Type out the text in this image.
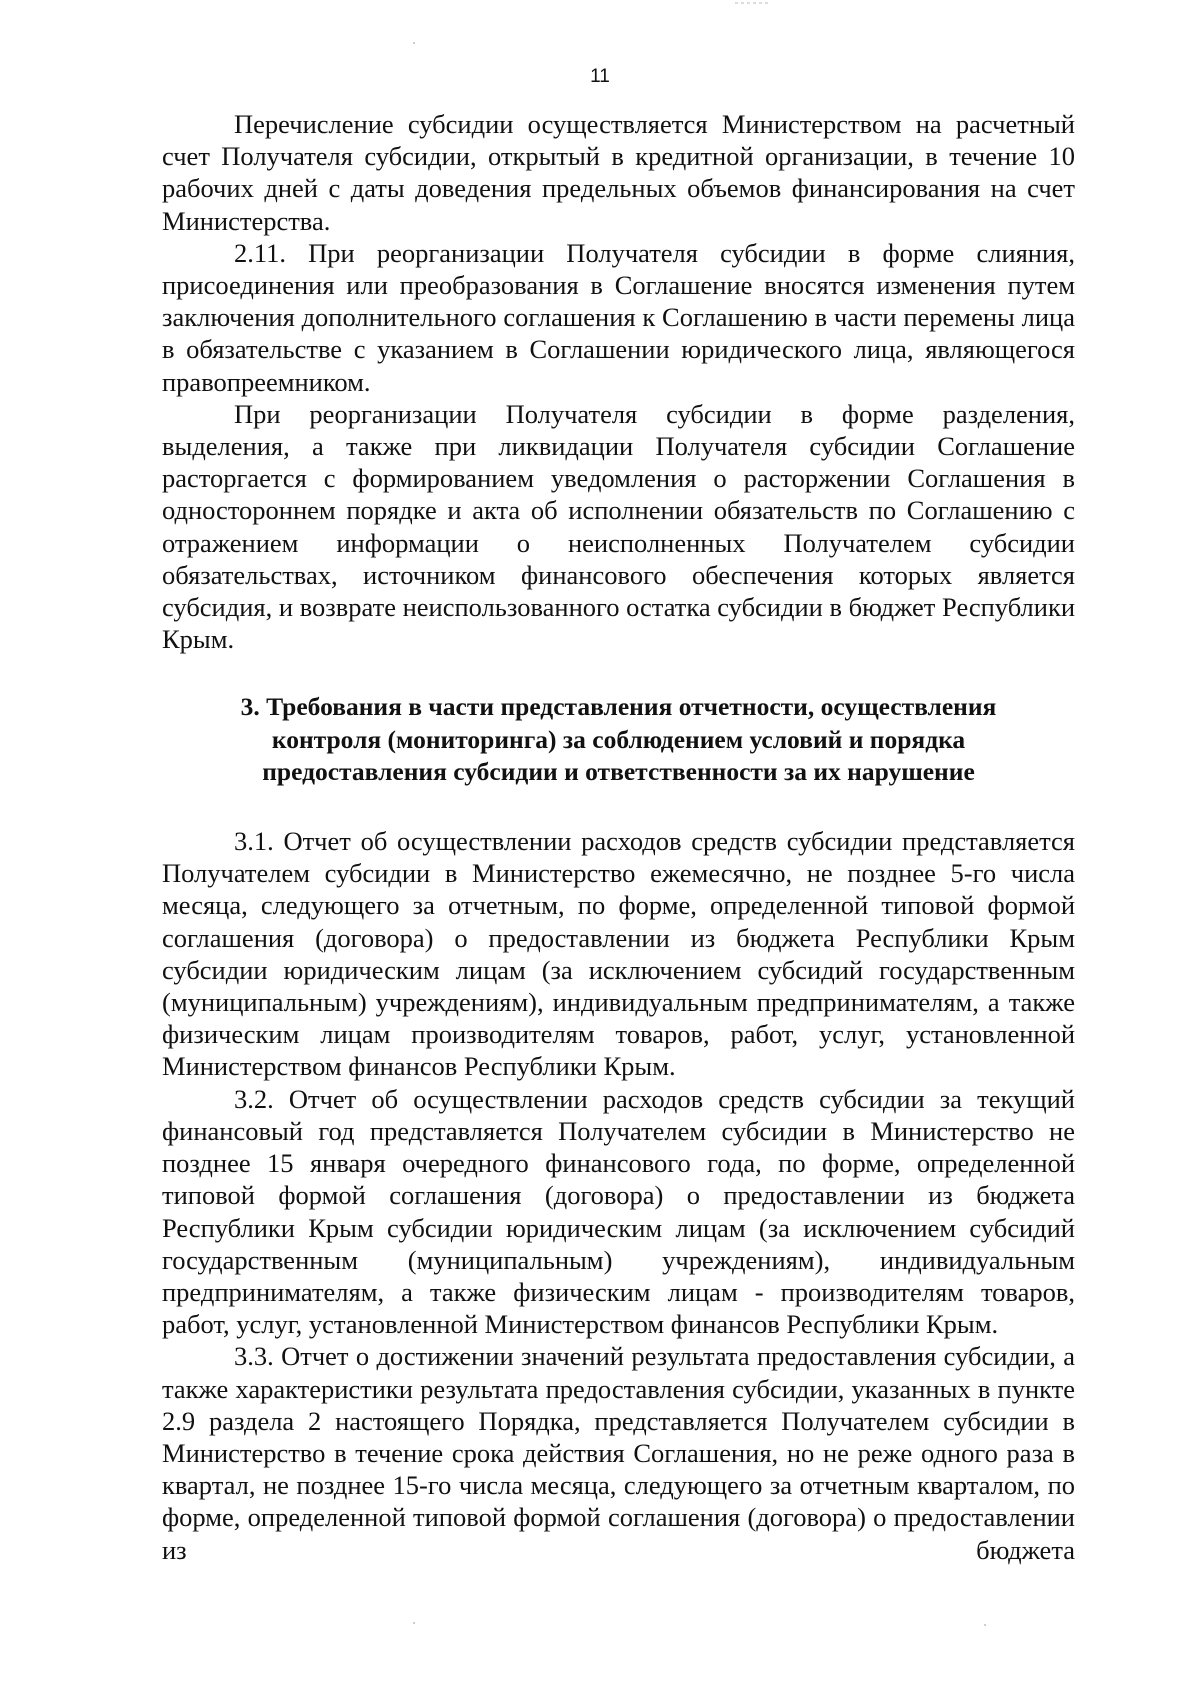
11

Перечисление субсидии осуществляется Министерством на расчетный счет Получателя субсидии, открытый в кредитной организации, в течение 10 рабочих дней с даты доведения предельных объемов финансирования на счет Министерства.

2.11. При реорганизации Получателя субсидии в форме слияния, присоединения или преобразования в Соглашение вносятся изменения путем заключения дополнительного соглашения к Соглашению в части перемены лица в обязательстве с указанием в Соглашении юридического лица, являющегося правопреемником.

При реорганизации Получателя субсидии в форме разделения, выделения, а также при ликвидации Получателя субсидии Соглашение расторгается с формированием уведомления о расторжении Соглашения в одностороннем порядке и акта об исполнении обязательств по Соглашению с отражением информации о неисполненных Получателем субсидии обязательствах, источником финансового обеспечения которых является субсидия, и возврате неиспользованного остатка субсидии в бюджет Республики Крым.

3. Требования в части представления отчетности, осуществления
контроля (мониторинга) за соблюдением условий и порядка
предоставления субсидии и ответственности за их нарушение

3.1. Отчет об осуществлении расходов средств субсидии представляется Получателем субсидии в Министерство ежемесячно, не позднее 5-го числа месяца, следующего за отчетным, по форме, определенной типовой формой соглашения (договора) о предоставлении из бюджета Республики Крым субсидии юридическим лицам (за исключением субсидий государственным (муниципальным) учреждениям), индивидуальным предпринимателям, а также физическим лицам производителям товаров, работ, услуг, установленной Министерством финансов Республики Крым.

3.2. Отчет об осуществлении расходов средств субсидии за текущий финансовый год представляется Получателем субсидии в Министерство не позднее 15 января очередного финансового года, по форме, определенной типовой формой соглашения (договора) о предоставлении из бюджета Республики Крым субсидии юридическим лицам (за исключением субсидий государственным (муниципальным) учреждениям), индивидуальным предпринимателям, а также физическим лицам - производителям товаров, работ, услуг, установленной Министерством финансов Республики Крым.

3.3. Отчет о достижении значений результата предоставления субсидии, а также характеристики результата предоставления субсидии, указанных в пункте 2.9 раздела 2 настоящего Порядка, представляется Получателем субсидии в Министерство в течение срока действия Соглашения, но не реже одного раза в квартал, не позднее 15-го числа месяца, следующего за отчетным кварталом, по форме, определенной типовой формой соглашения (договора) о предоставлении из бюджета
